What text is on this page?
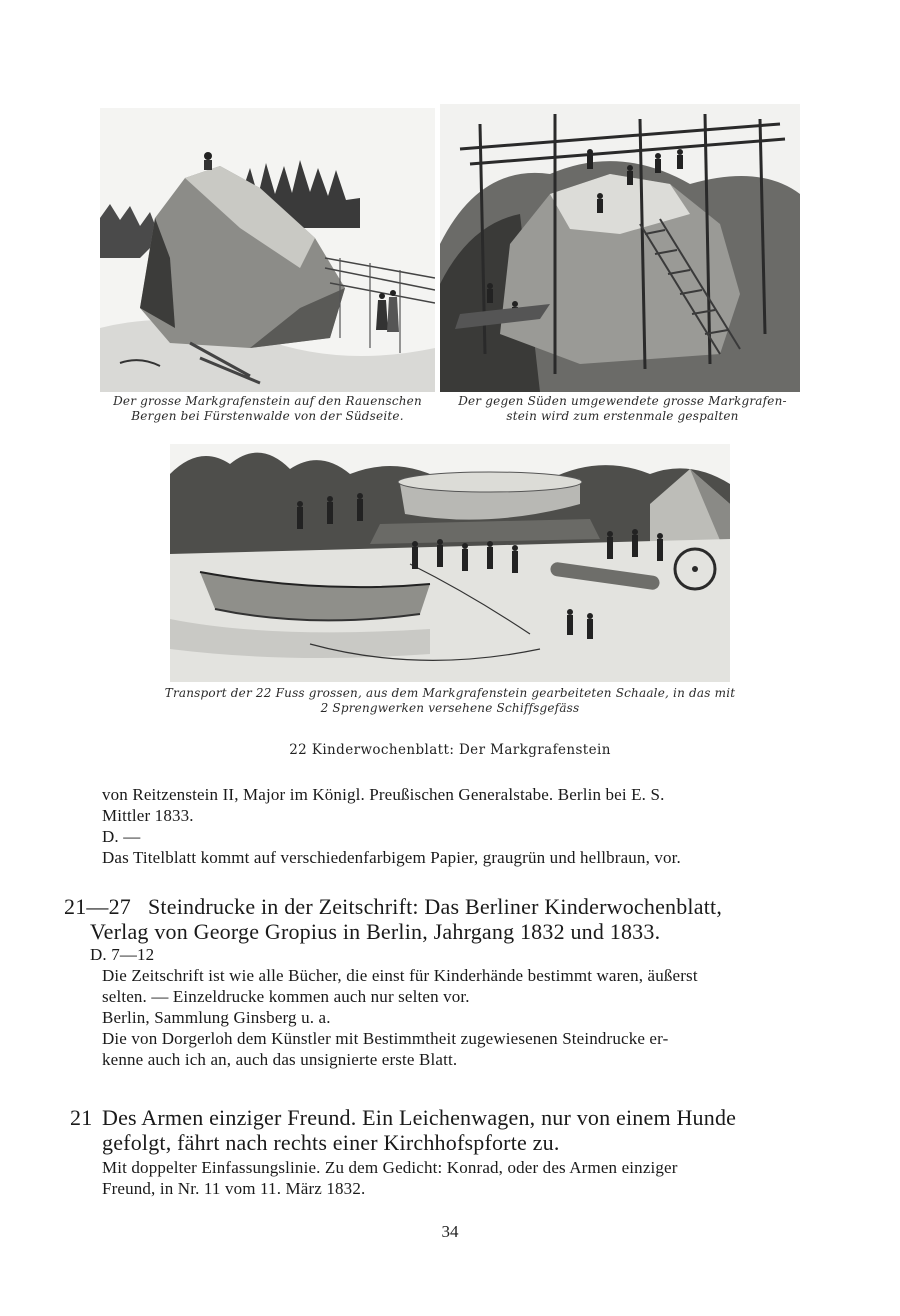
Der grosse Markgrafenstein auf den Rauenschen
Bergen bei Fürstenwalde von der Südseite.
Der gegen Süden umgewendete grosse Markgrafen-
stein wird zum erstenmale gespalten
Transport der 22 Fuss grossen, aus dem Markgrafenstein gearbeiteten Schaale, in das mit
2 Sprengwerken versehene Schiffsgefäss
22 Kinderwochenblatt: Der Markgrafenstein

von Reitzenstein II, Major im Königl. Preußischen Generalstabe. Berlin bei E. S.

Mittler 1833.

D. —

Das Titelblatt kommt auf verschiedenfarbigem Papier, graugrün und hellbraun, vor.

21—27 Steindrucke in der Zeitschrift: Das Berliner Kinderwochenblatt,
Verlag von George Gropius in Berlin, Jahrgang 1832 und 1833.
D. 7—12
Die Zeitschrift ist wie alle Bücher, die einst für Kinderhände bestimmt waren, äußerst
selten. — Einzeldrucke kommen auch nur selten vor.
Berlin, Sammlung Ginsberg u. a.
Die von Dorgerloh dem Künstler mit Bestimmtheit zugewiesenen Steindrucke er-
kenne auch ich an, auch das unsignierte erste Blatt.
21 Des Armen einziger Freund. Ein Leichenwagen, nur von einem Hunde
gefolgt, fährt nach rechts einer Kirchhofspforte zu.
Mit doppelter Einfassungslinie. Zu dem Gedicht: Konrad, oder des Armen einziger
Freund, in Nr. 11 vom 11. März 1832.
34
